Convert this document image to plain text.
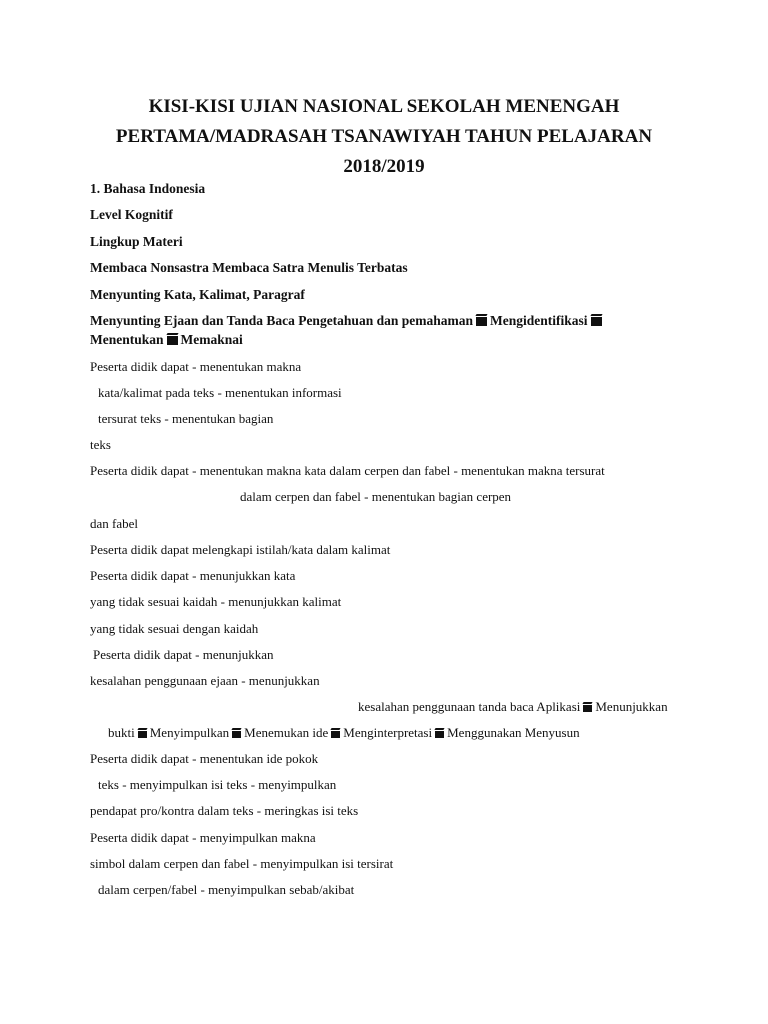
KISI-KISI UJIAN NASIONAL SEKOLAH MENENGAH
PERTAMA/MADRASAH TSANAWIYAH TAHUN PELAJARAN
2018/2019
1. Bahasa Indonesia
Level Kognitif
Lingkup Materi
Membaca Nonsastra Membaca Satra Menulis Terbatas
Menyunting Kata, Kalimat, Paragraf
Menyunting Ejaan dan Tanda Baca Pengetahuan dan pemahaman Mengidentifikasi
Menentukan Memaknai
Peserta didik dapat - menentukan makna
kata/kalimat pada teks - menentukan informasi
tersurat teks - menentukan bagian
teks
Peserta didik dapat - menentukan makna kata dalam cerpen dan fabel - menentukan makna tersurat
dalam cerpen dan fabel - menentukan bagian cerpen
dan fabel
Peserta didik dapat melengkapi istilah/kata dalam kalimat
Peserta didik dapat - menunjukkan kata
yang tidak sesuai kaidah - menunjukkan kalimat
yang tidak sesuai dengan kaidah
Peserta didik dapat - menunjukkan
kesalahan penggunaan ejaan - menunjukkan
kesalahan penggunaan tanda baca Aplikasi Menunjukkan
bukti Menyimpulkan Menemukan ide Menginterpretasi Menggunakan Menyusun
Peserta didik dapat - menentukan ide pokok
teks - menyimpulkan isi teks - menyimpulkan
pendapat pro/kontra dalam teks - meringkas isi teks
Peserta didik dapat - menyimpulkan makna
simbol dalam cerpen dan fabel - menyimpulkan isi tersirat
dalam cerpen/fabel - menyimpulkan sebab/akibat
